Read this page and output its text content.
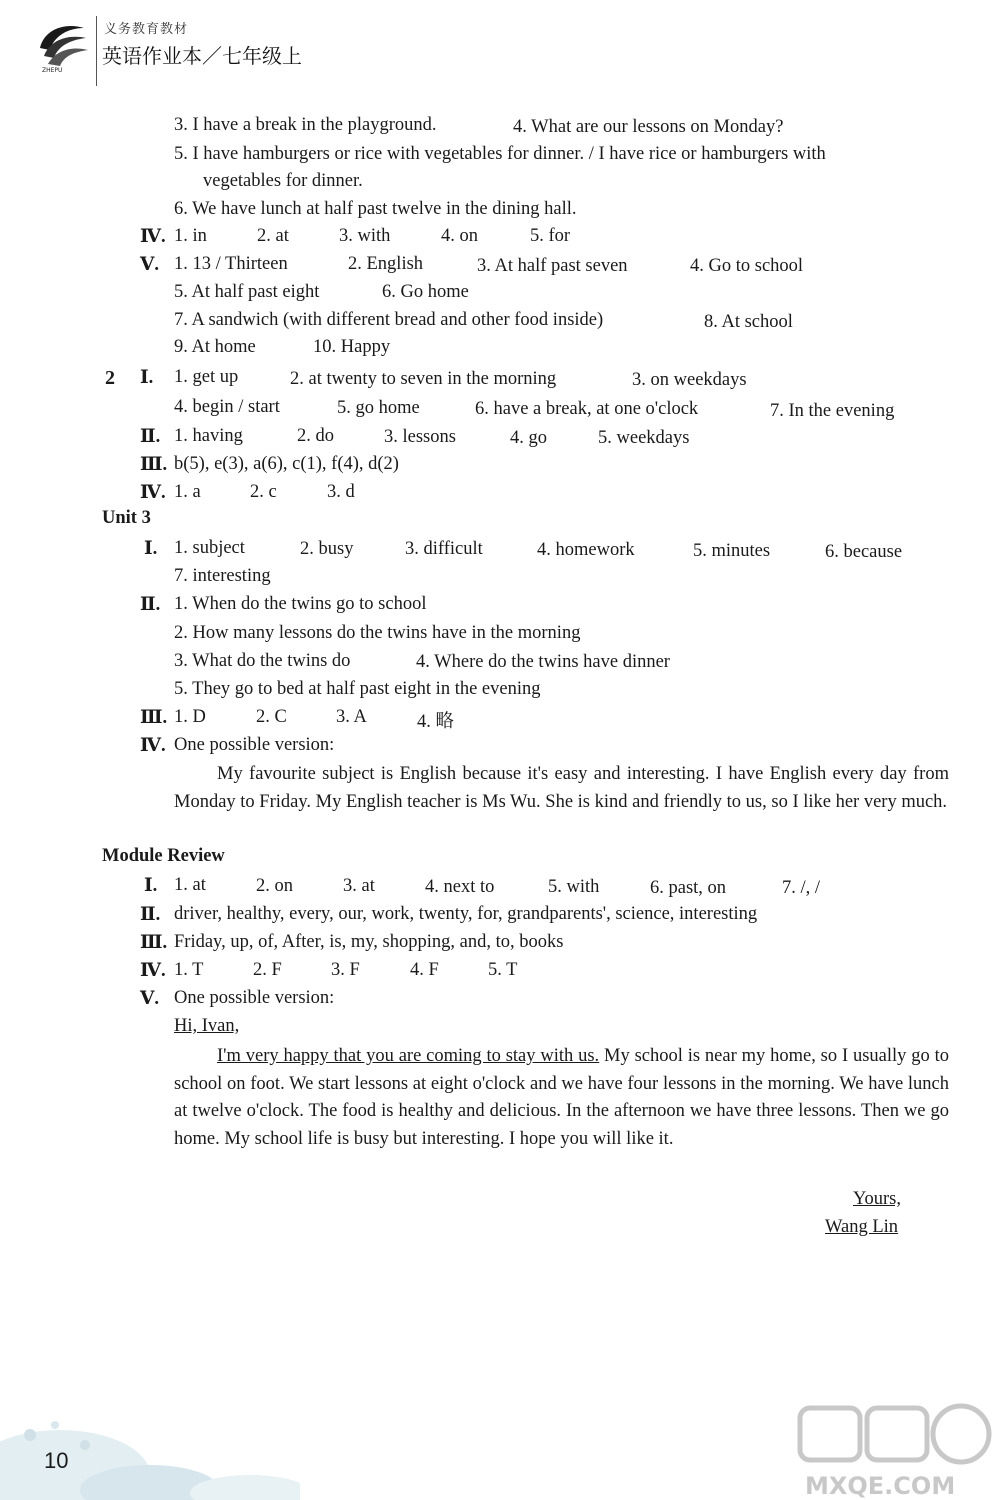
ZHEPU
义务教育教材
英语作业本／七年级上
3. I have a break in the playground.	4. What are our lessons on Monday?
5. I have hamburgers or rice with vegetables for dinner. / I have rice or hamburgers with
vegetables for dinner.
6. We have lunch at half past twelve in the dining hall.
Ⅳ. 1. in	2. at	3. with	4. on	5. for
Ⅴ. 1. 13 / Thirteen	2. English	3. At half past seven	4. Go to school
5. At half past eight	6. Go home
7. A sandwich (with different bread and other food inside)	8. At school
9. At home	10. Happy
2 Ⅰ. 1. get up	2. at twenty to seven in the morning	3. on weekdays
4. begin / start	5. go home	6. have a break, at one o'clock	7. In the evening
Ⅱ. 1. having	2. do	3. lessons	4. go	5. weekdays
Ⅲ. b(5), e(3), a(6), c(1), f(4), d(2)
Ⅳ. 1. a	2. c	3. d
Unit 3
Ⅰ. 1. subject	2. busy	3. difficult	4. homework	5. minutes	6. because
7. interesting
Ⅱ. 1. When do the twins go to school
2. How many lessons do the twins have in the morning
3. What do the twins do	4. Where do the twins have dinner
5. They go to bed at half past eight in the evening
Ⅲ. 1. D	2. C	3. A	4. 略
Ⅳ. One possible version:
My favourite subject is English because it's easy and interesting. I have English every day from Monday to Friday. My English teacher is Ms Wu. She is kind and friendly to us, so I like her very much.
Module Review
Ⅰ. 1. at	2. on	3. at	4. next to	5. with	6. past, on	7. /, /
Ⅱ. driver, healthy, every, our, work, twenty, for, grandparents', science, interesting
Ⅲ. Friday, up, of, After, is, my, shopping, and, to, books
Ⅳ. 1. T	2. F	3. F	4. F	5. T
Ⅴ. One possible version:
Hi, Ivan,
I'm very happy that you are coming to stay with us. My school is near my home, so I usually go to school on foot. We start lessons at eight o'clock and we have four lessons in the morning. We have lunch at twelve o'clock. The food is healthy and delicious. In the afternoon we have three lessons. Then we go home. My school life is busy but interesting. I hope you will like it.
Yours,
Wang Lin
10
MXQE.COM
